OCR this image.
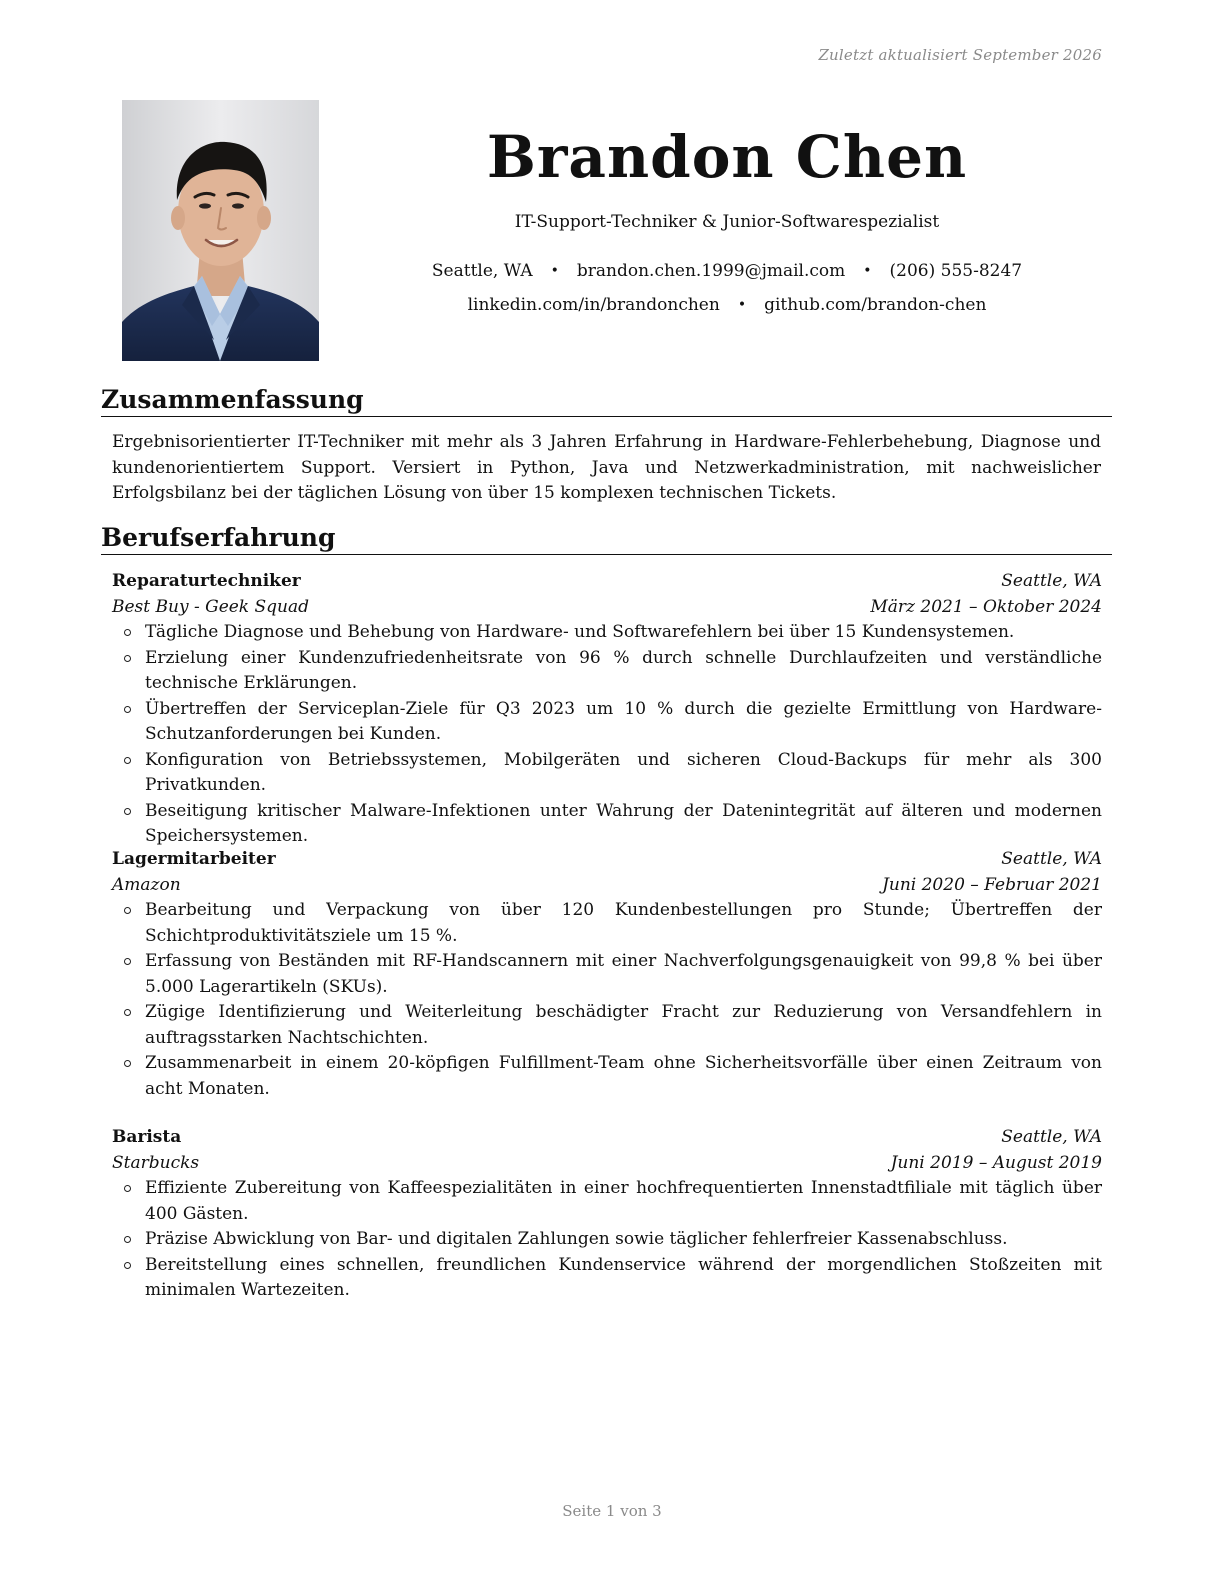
Zuletzt aktualisiert September 2026
Brandon Chen
IT-Support-Techniker & Junior-Softwarespezialist
Seattle, WA • brandon.chen.1999@jmail.com • (206) 555-8247
linkedin.com/in/brandonchen • github.com/brandon-chen
Zusammenfassung
Ergebnisorientierter IT-Techniker mit mehr als 3 Jahren Erfahrung in Hardware-Fehlerbehebung, Diagnose und kundenorientiertem Support. Versiert in Python, Java und Netzwerkadministration, mit nachweislicher Erfolgsbilanz bei der täglichen Lösung von über 15 komplexen technischen Tickets.
Berufserfahrung
Reparaturtechniker	Seattle, WA
Best Buy - Geek Squad	März 2021 – Oktober 2024
Tägliche Diagnose und Behebung von Hardware- und Softwarefehlern bei über 15 Kundensystemen.
Erzielung einer Kundenzufriedenheitsrate von 96 % durch schnelle Durchlaufzeiten und verständliche technische Erklärungen.
Übertreffen der Serviceplan-Ziele für Q3 2023 um 10 % durch die gezielte Ermittlung von Hardware-Schutzanforderungen bei Kunden.
Konfiguration von Betriebssystemen, Mobilgeräten und sicheren Cloud-Backups für mehr als 300 Privatkunden.
Beseitigung kritischer Malware-Infektionen unter Wahrung der Datenintegrität auf älteren und modernen Speichersystemen.
Lagermitarbeiter	Seattle, WA
Amazon	Juni 2020 – Februar 2021
Bearbeitung und Verpackung von über 120 Kundenbestellungen pro Stunde; Übertreffen der Schichtproduktivitätsziele um 15 %.
Erfassung von Beständen mit RF-Handscannern mit einer Nachverfolgungsgenauigkeit von 99,8 % bei über 5.000 Lagerartikeln (SKUs).
Zügige Identifizierung und Weiterleitung beschädigter Fracht zur Reduzierung von Versandfehlern in auftragsstarken Nachtschichten.
Zusammenarbeit in einem 20-köpfigen Fulfillment-Team ohne Sicherheitsvorfälle über einen Zeitraum von acht Monaten.
Barista	Seattle, WA
Starbucks	Juni 2019 – August 2019
Effiziente Zubereitung von Kaffeespezialitäten in einer hochfrequentierten Innenstadtfiliale mit täglich über 400 Gästen.
Präzise Abwicklung von Bar- und digitalen Zahlungen sowie täglicher fehlerfreier Kassenabschluss.
Bereitstellung eines schnellen, freundlichen Kundenservice während der morgendlichen Stoßzeiten mit minimalen Wartezeiten.
Seite 1 von 3
